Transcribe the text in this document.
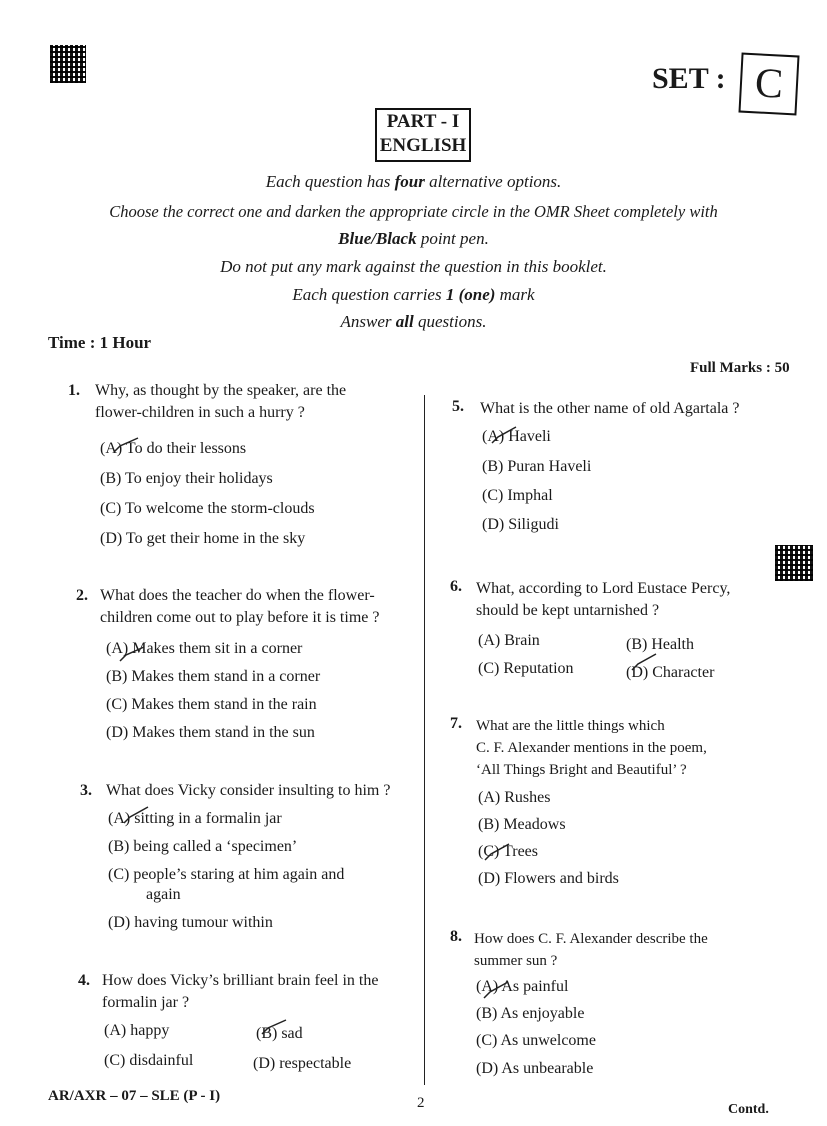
SET : C
PART - I
ENGLISH
Each question has four alternative options.
Choose the correct one and darken the appropriate circle in the OMR Sheet completely with
Blue/Black point pen.
Do not put any mark against the question in this booklet.
Each question carries 1 (one) mark
Answer all questions.
Time : 1 Hour
Full Marks : 50
1. Why, as thought by the speaker, are the
flower-children in such a hurry ?
(A) To do their lessons
(B) To enjoy their holidays
(C) To welcome the storm-clouds
(D) To get their home in the sky
2. What does the teacher do when the flower-
children come out to play before it is time ?
(A) Makes them sit in a corner
(B) Makes them stand in a corner
(C) Makes them stand in the rain
(D) Makes them stand in the sun
3. What does Vicky consider insulting to him ?
(A) sitting in a formalin jar
(B) being called a ‘specimen’
(C) people’s staring at him again and
again
(D) having tumour within
4. How does Vicky’s brilliant brain feel in the
formalin jar ?
(A) happy	(B) sad
(C) disdainful	(D) respectable
5. What is the other name of old Agartala ?
(A) Haveli
(B) Puran Haveli
(C) Imphal
(D) Siligudi
6. What, according to Lord Eustace Percy,
should be kept untarnished ?
(A) Brain	(B) Health
(C) Reputation	(D) Character
7. What are the little things which
C. F. Alexander mentions in the poem,
‘All Things Bright and Beautiful’ ?
(A) Rushes
(B) Meadows
(C) Trees
(D) Flowers and birds
8. How does C. F. Alexander describe the
summer sun ?
(A) As painful
(B) As enjoyable
(C) As unwelcome
(D) As unbearable
AR/AXR – 07 – SLE (P - I)	2	Contd.
